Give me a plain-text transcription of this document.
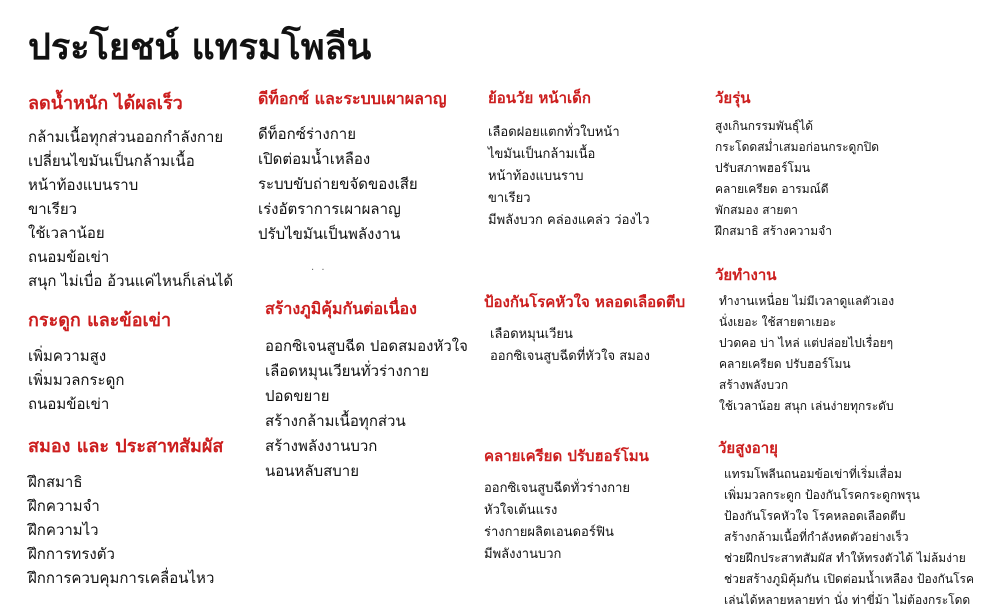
ประโยชน์ แทรมโพลีน
. .
ลดน้ำหนัก ได้ผลเร็ว
กล้ามเนื้อทุกส่วนออกกำลังกาย
เปลี่ยนไขมันเป็นกล้ามเนื้อ
หน้าท้องแบนราบ
ขาเรียว
ใช้เวลาน้อย
ถนอมข้อเข่า
สนุก ไม่เบื่อ อ้วนแค่ไหนก็เล่นได้
กระดูก และข้อเข่า
เพิ่มความสูง
เพิ่มมวลกระดูก
ถนอมข้อเข่า
สมอง และ ประสาทสัมผัส
ฝึกสมาธิ
ฝึกความจำ
ฝึกความไว
ฝึกการทรงตัว
ฝึกการควบคุมการเคลื่อนไหว
ดีท็อกซ์ และระบบเผาผลาญ
ดีท็อกซ์ร่างกาย
เปิดต่อมน้ำเหลือง
ระบบขับถ่ายขจัดของเสีย
เร่งอัตราการเผาผลาญ
ปรับไขมันเป็นพลังงาน
สร้างภูมิคุ้มกันต่อเนื่อง
ออกซิเจนสูบฉีด ปอดสมองหัวใจ
เลือดหมุนเวียนทั่วร่างกาย
ปอดขยาย
สร้างกล้ามเนื้อทุกส่วน
สร้างพลังงานบวก
นอนหลับสบาย
ย้อนวัย หน้าเด็ก
เลือดฝอยแตกทั่วใบหน้า
ไขมันเป็นกล้ามเนื้อ
หน้าท้องแบนราบ
ขาเรียว
มีพลังบวก คล่องแคล่ว ว่องไว
ป้องกันโรคหัวใจ หลอดเลือดตีบ
เลือดหมุนเวียน
ออกซิเจนสูบฉีดที่หัวใจ สมอง
คลายเครียด ปรับฮอร์โมน
ออกซิเจนสูบฉีดทั่วร่างกาย
หัวใจเต้นแรง
ร่างกายผลิตเอนดอร์ฟิน
มีพลังงานบวก
วัยรุ่น
สูงเกินกรรมพันธุ์ได้
กระโดดสม่ำเสมอก่อนกระดูกปิด
ปรับสภาพฮอร์โมน
คลายเครียด อารมณ์ดี
พักสมอง สายตา
ฝึกสมาธิ สร้างความจำ
วัยทำงาน
ทำงานเหนื่อย ไม่มีเวลาดูแลตัวเอง
นั่งเยอะ ใช้สายตาเยอะ
ปวดคอ บ่า ไหล่ แต่ปล่อยไปเรื่อยๆ
คลายเครียด ปรับฮอร์โมน
สร้างพลังบวก
ใช้เวลาน้อย สนุก เล่นง่ายทุกระดับ
วัยสูงอายุ
แทรมโพลีนถนอมข้อเข่าที่เริ่มเสื่อม
เพิ่มมวลกระดูก ป้องกันโรคกระดูกพรุน
ป้องกันโรคหัวใจ โรคหลอดเลือดตีบ
สร้างกล้ามเนื้อที่กำลังหดตัวอย่างเร็ว
ช่วยฝึกประสาทสัมผัส ทำให้ทรงตัวได้ ไม่ล้มง่าย
ช่วยสร้างภูมิคุ้มกัน เปิดต่อมน้ำเหลือง ป้องกันโรค
เล่นได้หลายหลายท่า นั่ง ท่าขี่ม้า ไม่ต้องกระโดด
